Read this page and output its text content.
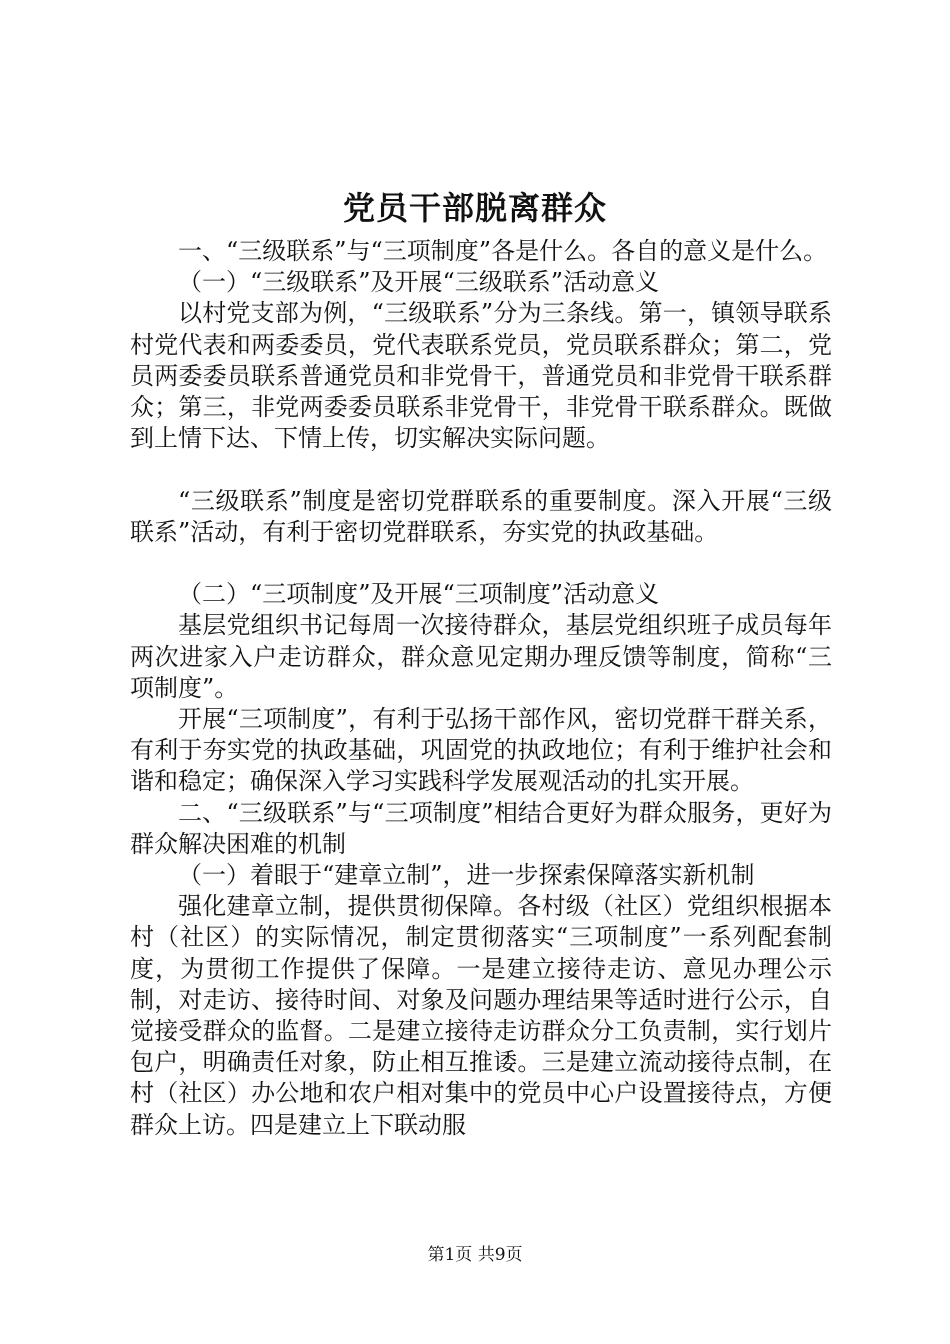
党员干部脱离群众

一、“三级联系”与“三项制度”各是什么。各自的意义是什么。

（一）“三级联系”及开展“三级联系”活动意义

以村党支部为例，“三级联系”分为三条线。第一，镇领导联系村党代表和两委委员，党代表联系党员，党员联系群众；第二，党员两委委员联系普通党员和非党骨干，普通党员和非党骨干联系群众；第三，非党两委委员联系非党骨干，非党骨干联系群众。既做到上情下达、下情上传，切实解决实际问题。

“三级联系”制度是密切党群联系的重要制度。深入开展“三级联系”活动，有利于密切党群联系，夯实党的执政基础。

（二）“三项制度”及开展“三项制度”活动意义

基层党组织书记每周一次接待群众，基层党组织班子成员每年两次进家入户走访群众，群众意见定期办理反馈等制度，简称“三项制度”。

开展“三项制度”，有利于弘扬干部作风，密切党群干群关系，有利于夯实党的执政基础，巩固党的执政地位；有利于维护社会和谐和稳定；确保深入学习实践科学发展观活动的扎实开展。

二、“三级联系”与“三项制度”相结合更好为群众服务，更好为群众解决困难的机制

（一）着眼于“建章立制”，进一步探索保障落实新机制

强化建章立制，提供贯彻保障。各村级（社区）党组织根据本村（社区）的实际情况，制定贯彻落实“三项制度”一系列配套制度，为贯彻工作提供了保障。一是建立接待走访、意见办理公示制，对走访、接待时间、对象及问题办理结果等适时进行公示，自觉接受群众的监督。二是建立接待走访群众分工负责制，实行划片包户，明确责任对象，防止相互推诿。三是建立流动接待点制，在村（社区）办公地和农户相对集中的党员中心户设置接待点，方便群众上访。四是建立上下联动服

第1页 共9页
